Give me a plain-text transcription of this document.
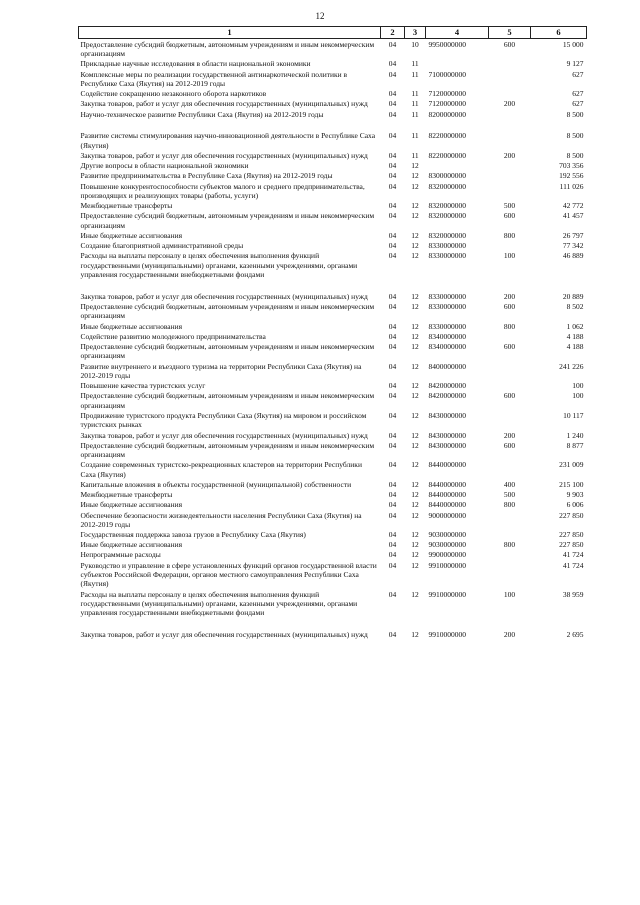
12
1	2	3	4	5	6
Предоставление субсидий бюджетным, автономным учреждениям и иным некоммерческим организациям	04	10	9950000000	600	15 000
Прикладные научные исследования в области национальной экономики	04	11			9 127
Комплексные меры по реализации государственной антинаркотической политики в Республике Саха (Якутия) на 2012-2019 годы	04	11	7100000000		627
Содействие сокращению незаконного оборота наркотиков	04	11	7120000000		627
Закупка товаров, работ и услуг для обеспечения государственных (муниципальных) нужд	04	11	7120000000	200	627
Научно-техническое развитие Республики Саха (Якутия) на 2012-2019 годы	04	11	8200000000		8 500
Развитие системы стимулирования научно-инновационной деятельности в Республике Саха (Якутия)	04	11	8220000000		8 500
Закупка товаров, работ и услуг для обеспечения государственных (муниципальных) нужд	04	11	8220000000	200	8 500
Другие вопросы в области национальной экономики	04	12			703 356
Развитие предпринимательства в Республике Саха (Якутия) на 2012-2019 годы	04	12	8300000000		192 556
Повышение конкурентоспособности субъектов малого и среднего предпринимательства, производящих и реализующих товары (работы, услуги)	04	12	8320000000		111 026
Межбюджетные трансферты	04	12	8320000000	500	42 772
Предоставление субсидий бюджетным, автономным учреждениям и иным некоммерческим организациям	04	12	8320000000	600	41 457
Иные бюджетные ассигнования	04	12	8320000000	800	26 797
Создание благоприятной административной среды	04	12	8330000000		77 342
Расходы на выплаты персоналу в целях обеспечения выполнения функций государственными (муниципальными) органами, казенными учреждениями, органами управления государственными внебюджетными фондами	04	12	8330000000	100	46 889
Закупка товаров, работ и услуг для обеспечения государственных (муниципальных) нужд	04	12	8330000000	200	20 889
Предоставление субсидий бюджетным, автономным учреждениям и иным некоммерческим организациям	04	12	8330000000	600	8 502
Иные бюджетные ассигнования	04	12	8330000000	800	1 062
Содействие развитию молодежного предпринимательства	04	12	8340000000		4 188
Предоставление субсидий бюджетным, автономным учреждениям и иным некоммерческим организациям	04	12	8340000000	600	4 188
Развитие внутреннего и въездного туризма на территории Республики Саха (Якутия) на 2012-2019 годы	04	12	8400000000		241 226
Повышение качества туристских услуг	04	12	8420000000		100
Предоставление субсидий бюджетным, автономным учреждениям и иным некоммерческим организациям	04	12	8420000000	600	100
Продвижение туристского продукта Республики Саха (Якутия) на мировом и российском туристских рынках	04	12	8430000000		10 117
Закупка товаров, работ и услуг для обеспечения государственных (муниципальных) нужд	04	12	8430000000	200	1 240
Предоставление субсидий бюджетным, автономным учреждениям и иным некоммерческим организациям	04	12	8430000000	600	8 877
Создание современных туристско-рекреационных кластеров на территории Республики Саха (Якутия)	04	12	8440000000		231 009
Капитальные вложения в объекты государственной (муниципальной) собственности	04	12	8440000000	400	215 100
Межбюджетные трансферты	04	12	8440000000	500	9 903
Иные бюджетные ассигнования	04	12	8440000000	800	6 006
Обеспечение безопасности жизнедеятельности населения Республики Саха (Якутия) на 2012-2019 годы	04	12	9000000000		227 850
Государственная поддержка завоза грузов в Республику Саха (Якутия)	04	12	9030000000		227 850
Иные бюджетные ассигнования	04	12	9030000000	800	227 850
Непрограммные расходы	04	12	9900000000		41 724
Руководство и управление в сфере установленных функций органов государственной власти субъектов Российской Федерации, органов местного самоуправления Республики Саха (Якутия)	04	12	9910000000		41 724
Расходы на выплаты персоналу в целях обеспечения выполнения функций государственными (муниципальными) органами, казенными учреждениями, органами управления государственными внебюджетными фондами	04	12	9910000000	100	38 959
Закупка товаров, работ и услуг для обеспечения государственных (муниципальных) нужд	04	12	9910000000	200	2 695
